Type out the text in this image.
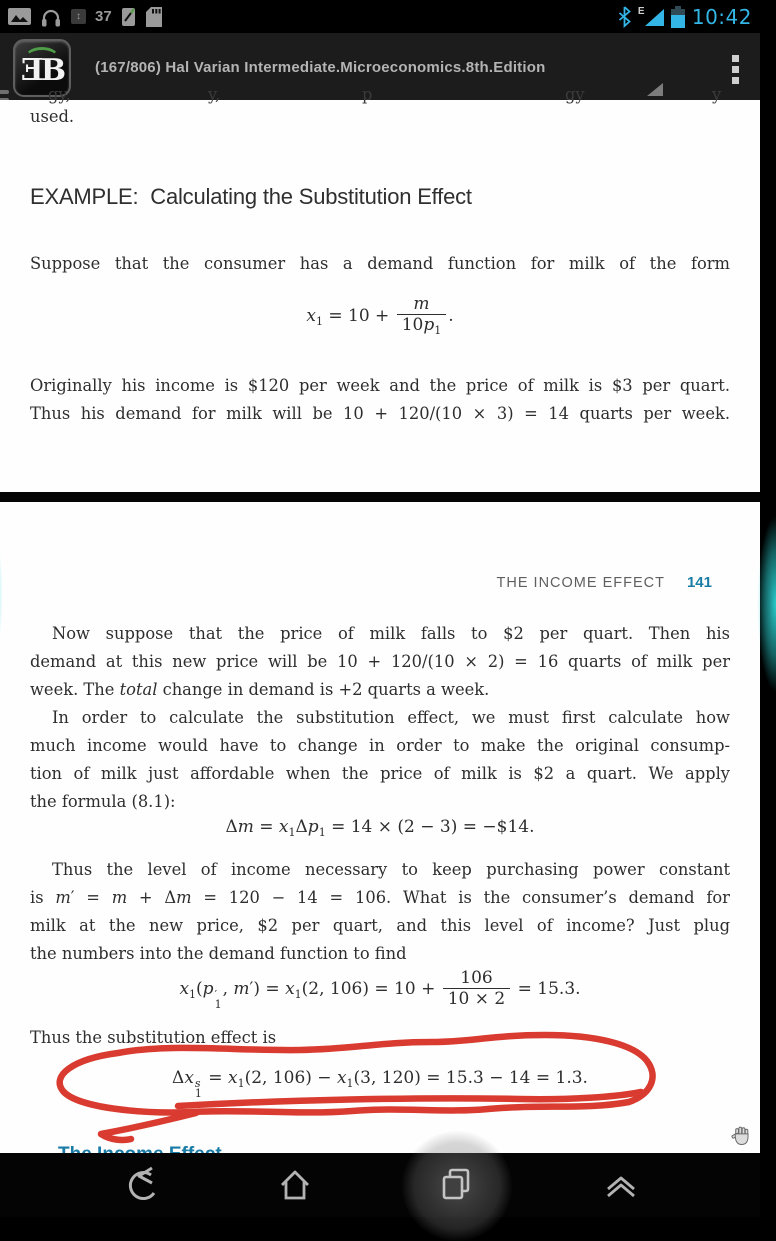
↕ 37	E 10:42
ƎB (167/806) Hal Varian Intermediate.Microeconomics.8th.Edition
gy,	y,	p	gy	y
used.
EXAMPLE:  Calculating the Substitution Effect
Suppose that the consumer has a demand function for milk of the form
$x_1 = 10 + \frac{m}{10p_1}$ .
Originally his income is $120 per week and the price of milk is $3 per quart.
Thus his demand for milk will be 10 + 120/(10 × 3) = 14 quarts per week.
THE INCOME EFFECT 141
Now suppose that the price of milk falls to $2 per quart. Then his
demand at this new price will be 10 + 120/(10 × 2) = 16 quarts of milk per
week. The total change in demand is +2 quarts a week.
In order to calculate the substitution effect, we must first calculate how
much income would have to change in order to make the original consump-
tion of milk just affordable when the price of milk is $2 a quart. We apply
the formula (8.1):
$\Delta m = x_1\Delta p_1 = 14 \times (2 - 3)$ = −$14.
Thus the level of income necessary to keep purchasing power constant
is m′ = m + Δm = 120 − 14 = 106. What is the consumer’s demand for
milk at the new price, $2 per quart, and this level of income? Just plug
the numbers into the demand function to find
$x_1(p$ ′
1
, $m') = x_1(2$, $106) = 10 + \frac{106}{10 \times 2} = 15.3$.
Thus the substitution effect is
Δx s
1
= $x_1(2$, $106) - x_1(3$, 120) = 15.3 − 14 = 1.3.
